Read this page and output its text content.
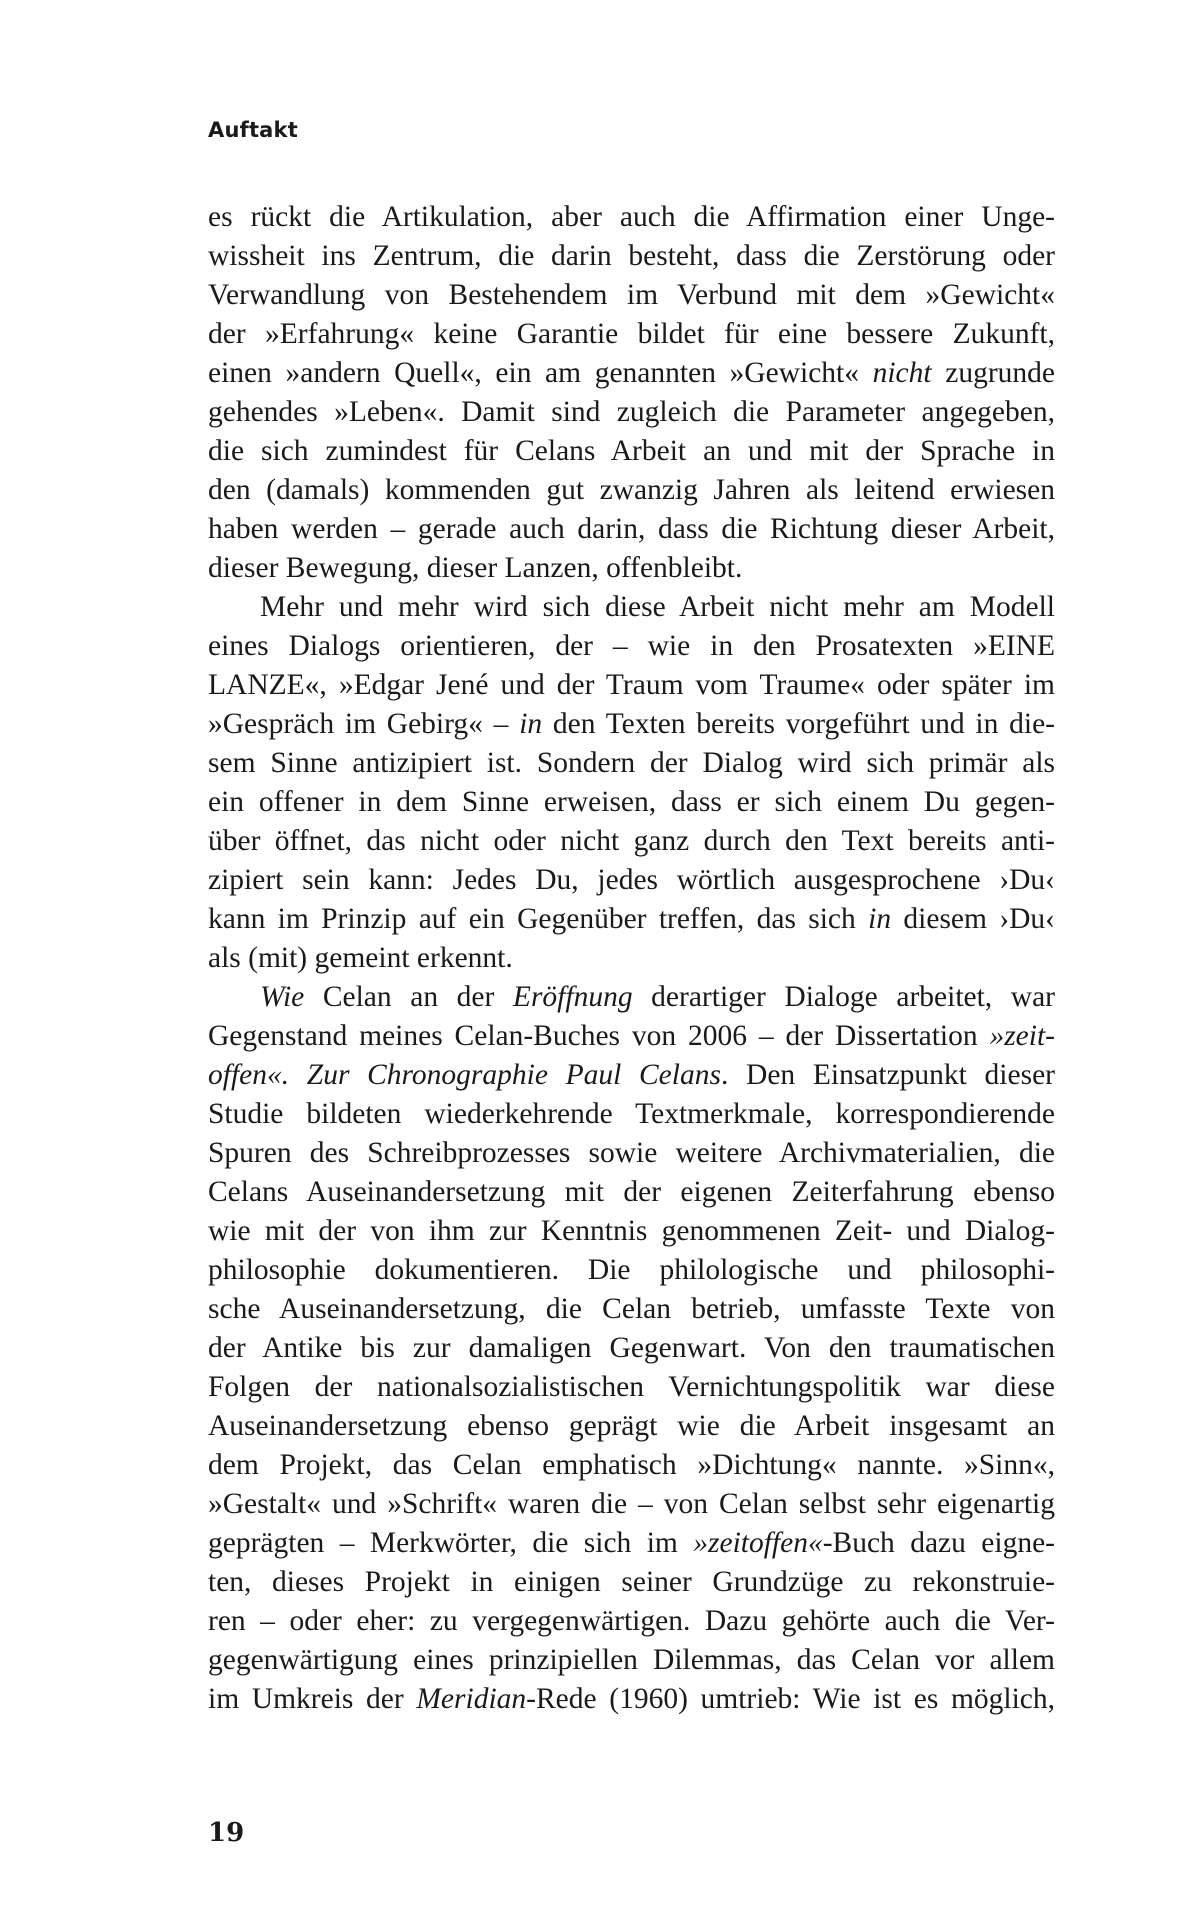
Auftakt
es rückt die Artikulation, aber auch die Affirmation einer Unge-
wissheit ins Zentrum, die darin besteht, dass die Zerstörung oder
Verwandlung von Bestehendem im Verbund mit dem »Gewicht«
der »Erfahrung« keine Garantie bildet für eine bessere Zukunft,
einen »andern Quell«, ein am genannten »Gewicht« nicht zugrunde
gehendes »Leben«. Damit sind zugleich die Parameter angegeben,
die sich zumindest für Celans Arbeit an und mit der Sprache in
den (damals) kommenden gut zwanzig Jahren als leitend erwiesen
haben werden – gerade auch darin, dass die Richtung dieser Arbeit,
dieser Bewegung, dieser Lanzen, offenbleibt.
Mehr und mehr wird sich diese Arbeit nicht mehr am Modell
eines Dialogs orientieren, der – wie in den Prosatexten »EINE
LANZE«, »Edgar Jené und der Traum vom Traume« oder später im
»Gespräch im Gebirg« – in den Texten bereits vorgeführt und in die-
sem Sinne antizipiert ist. Sondern der Dialog wird sich primär als
ein offener in dem Sinne erweisen, dass er sich einem Du gegen-
über öffnet, das nicht oder nicht ganz durch den Text bereits anti-
zipiert sein kann: Jedes Du, jedes wörtlich ausgesprochene ›Du‹
kann im Prinzip auf ein Gegenüber treffen, das sich in diesem ›Du‹
als (mit) gemeint erkennt.
Wie Celan an der Eröffnung derartiger Dialoge arbeitet, war
Gegenstand meines Celan-Buches von 2006 – der Dissertation »zeit-
offen«. Zur Chronographie Paul Celans. Den Einsatzpunkt dieser
Studie bildeten wiederkehrende Textmerkmale, korrespondierende
Spuren des Schreibprozesses sowie weitere Archivmaterialien, die
Celans Auseinandersetzung mit der eigenen Zeiterfahrung ebenso
wie mit der von ihm zur Kenntnis genommenen Zeit- und Dialog-
philosophie dokumentieren. Die philologische und philosophi-
sche Auseinandersetzung, die Celan betrieb, umfasste Texte von
der Antike bis zur damaligen Gegenwart. Von den traumatischen
Folgen der nationalsozialistischen Vernichtungspolitik war diese
Auseinandersetzung ebenso geprägt wie die Arbeit insgesamt an
dem Projekt, das Celan emphatisch »Dichtung« nannte. »Sinn«,
»Gestalt« und »Schrift« waren die – von Celan selbst sehr eigenartig
geprägten – Merkwörter, die sich im »zeitoffen«-Buch dazu eigne-
ten, dieses Projekt in einigen seiner Grundzüge zu rekonstruie-
ren – oder eher: zu vergegenwärtigen. Dazu gehörte auch die Ver-
gegenwärtigung eines prinzipiellen Dilemmas, das Celan vor allem
im Umkreis der Meridian-Rede (1960) umtrieb: Wie ist es möglich,
19
